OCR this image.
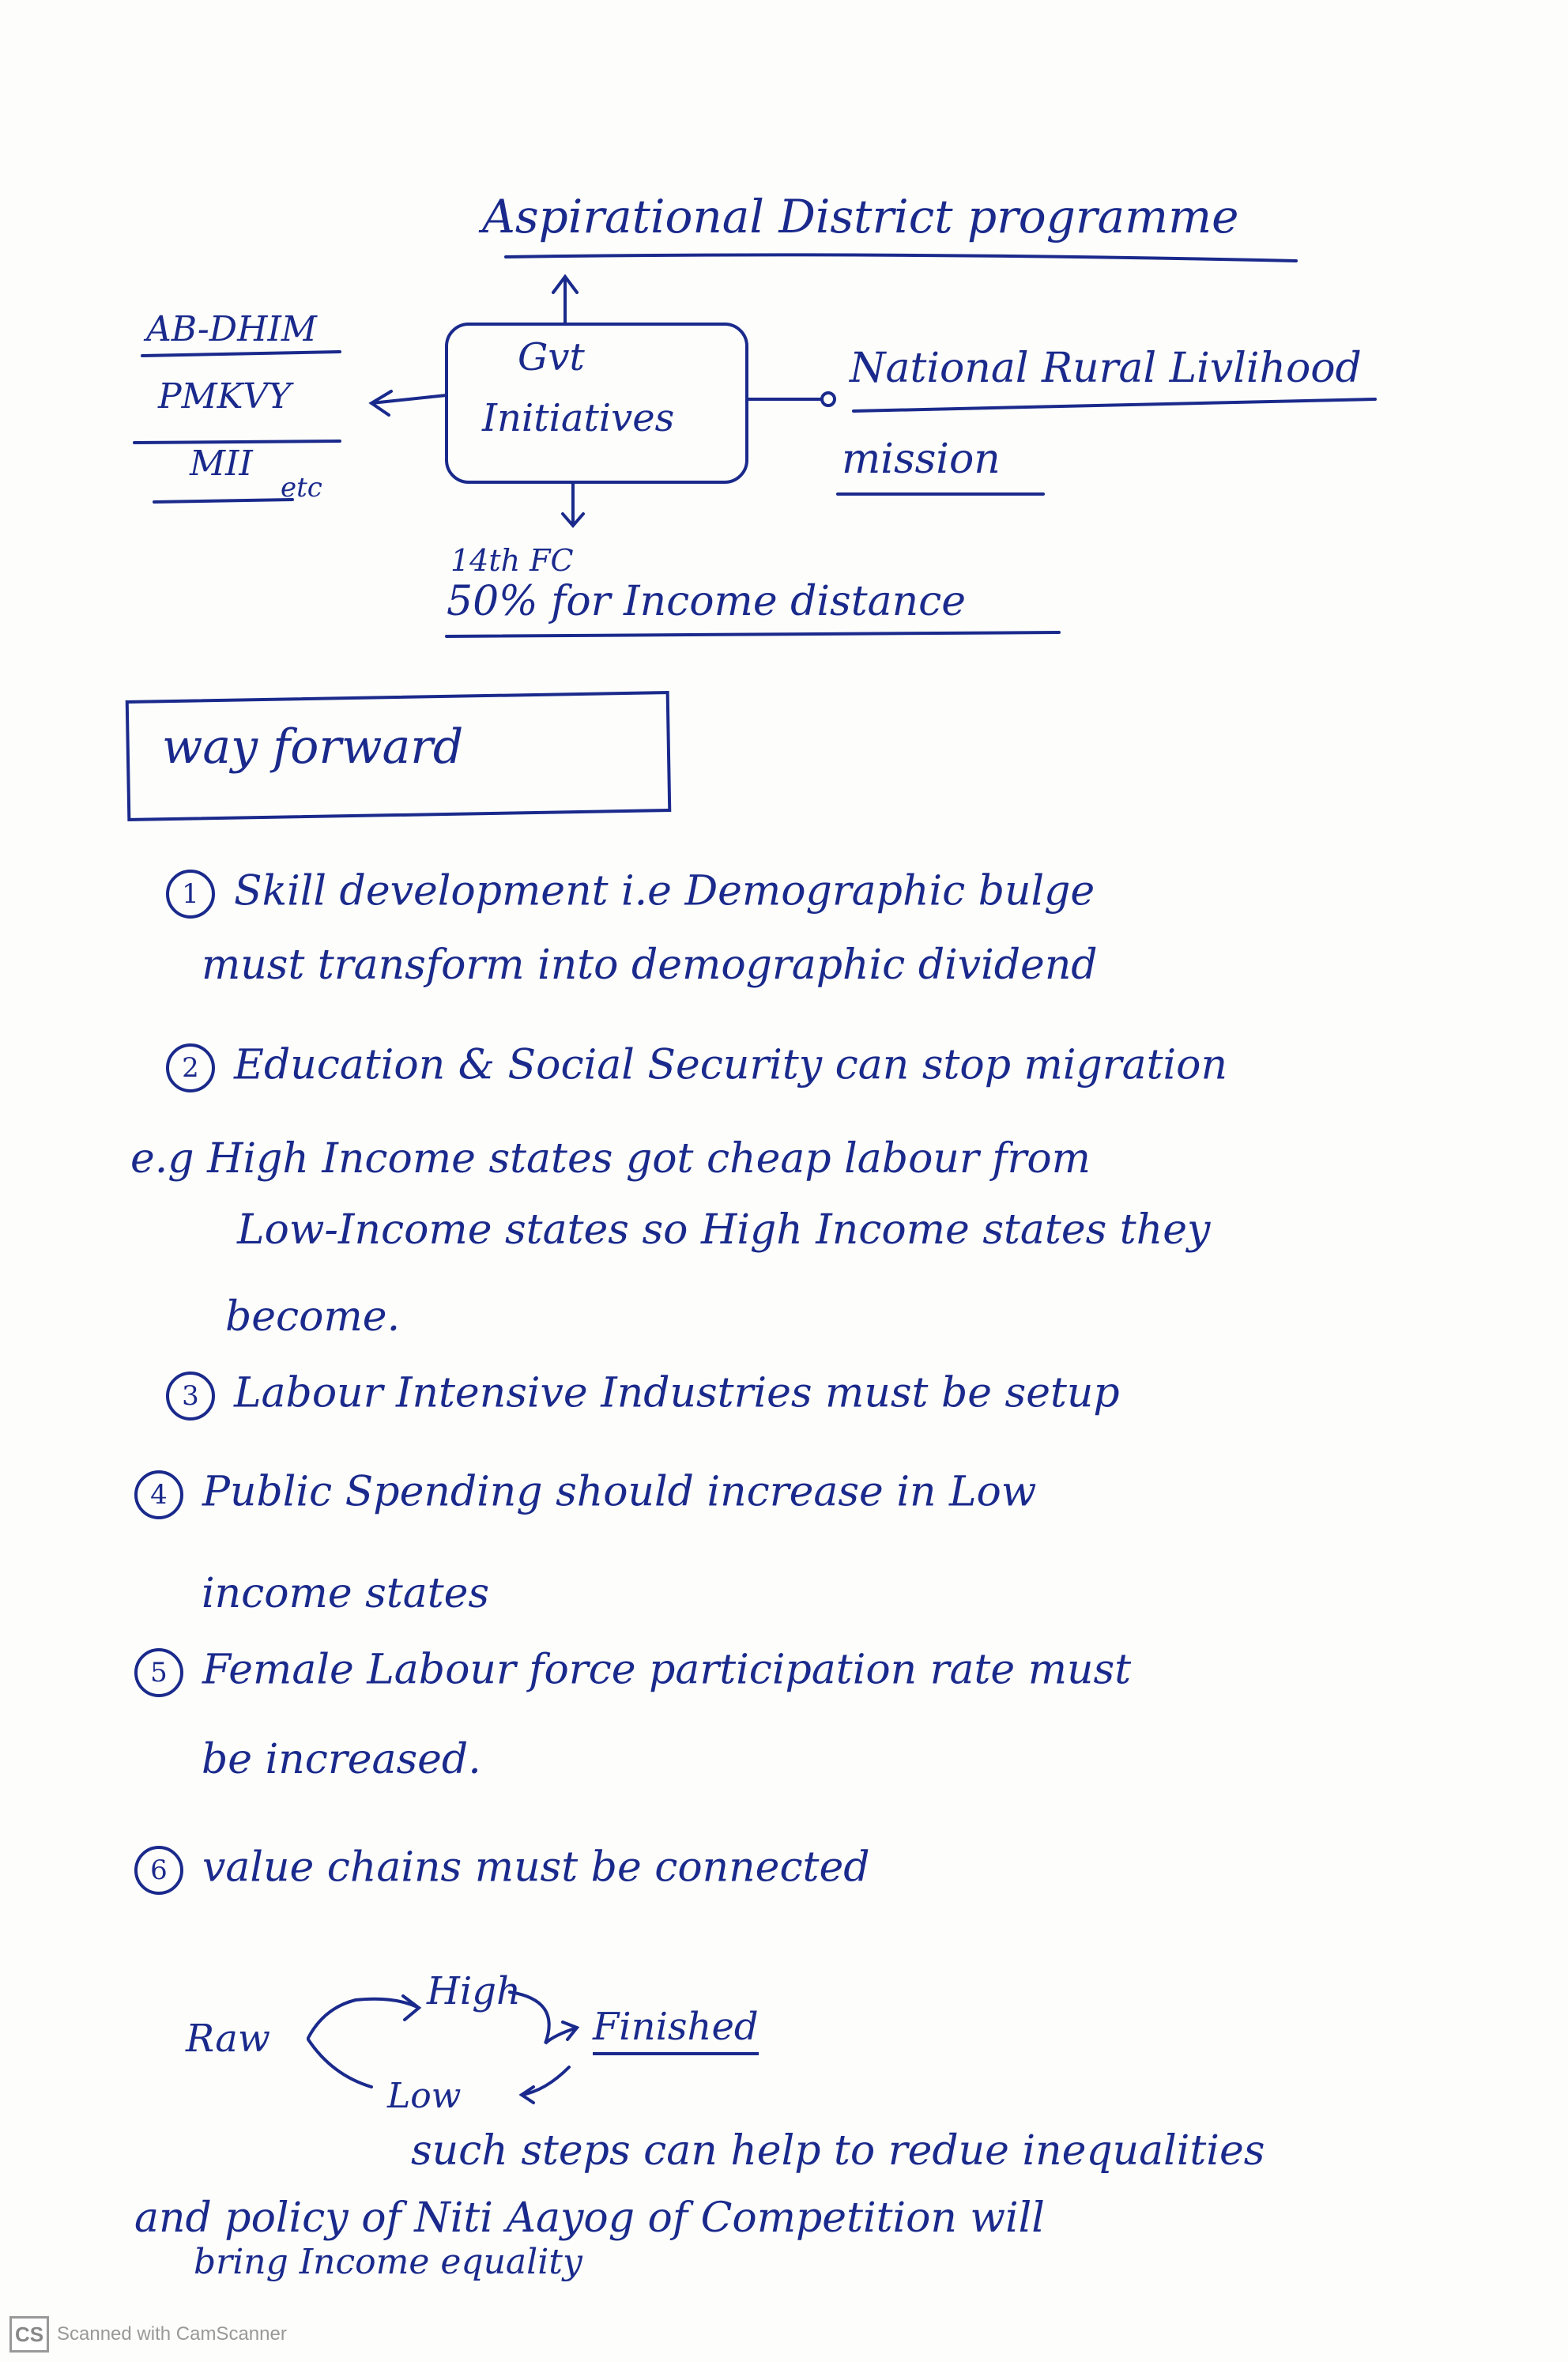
Aspirational District programme
Gvt
Initiatives
AB-DHIM
PMKVY
MII
etc
National Rural Livlihood
mission
14th FC
50% for Income distance
way forward
1 Skill development i.e Demographic bulge
must transform into demographic dividend
2 Education & Social Security can stop migration
e.g High Income states got cheap labour from
Low-Income states so High Income states they
become.
3 Labour Intensive Industries must be setup
4 Public Spending should increase in Low
income states
5 Female Labour force participation rate must
be increased.
6 value chains must be connected
Raw
High
Finished
Low
such steps can help to redue inequalities
and policy of Niti Aayog of Competition will
bring Income equality
CS Scanned with CamScanner
